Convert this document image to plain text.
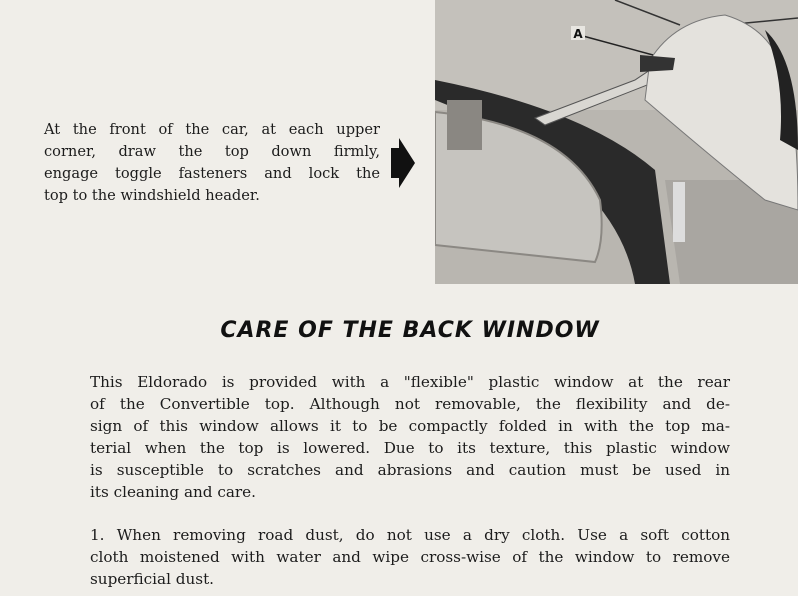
At the front of the car, at each upper
corner, draw the top down firmly,
engage toggle fasteners and lock the
top to the windshield header.
A
CARE OF THE BACK WINDOW
This Eldorado is provided with a "flexible" plastic window at the rear
of the Convertible top. Although not removable, the flexibility and de-
sign of this window allows it to be compactly folded in with the top ma-
terial when the top is lowered. Due to its texture, this plastic window
is susceptible to scratches and abrasions and caution must be used in
its cleaning and care.
1. When removing road dust, do not use a dry cloth. Use a soft cotton
cloth moistened with water and wipe cross-wise of the window to remove
superficial dust.
